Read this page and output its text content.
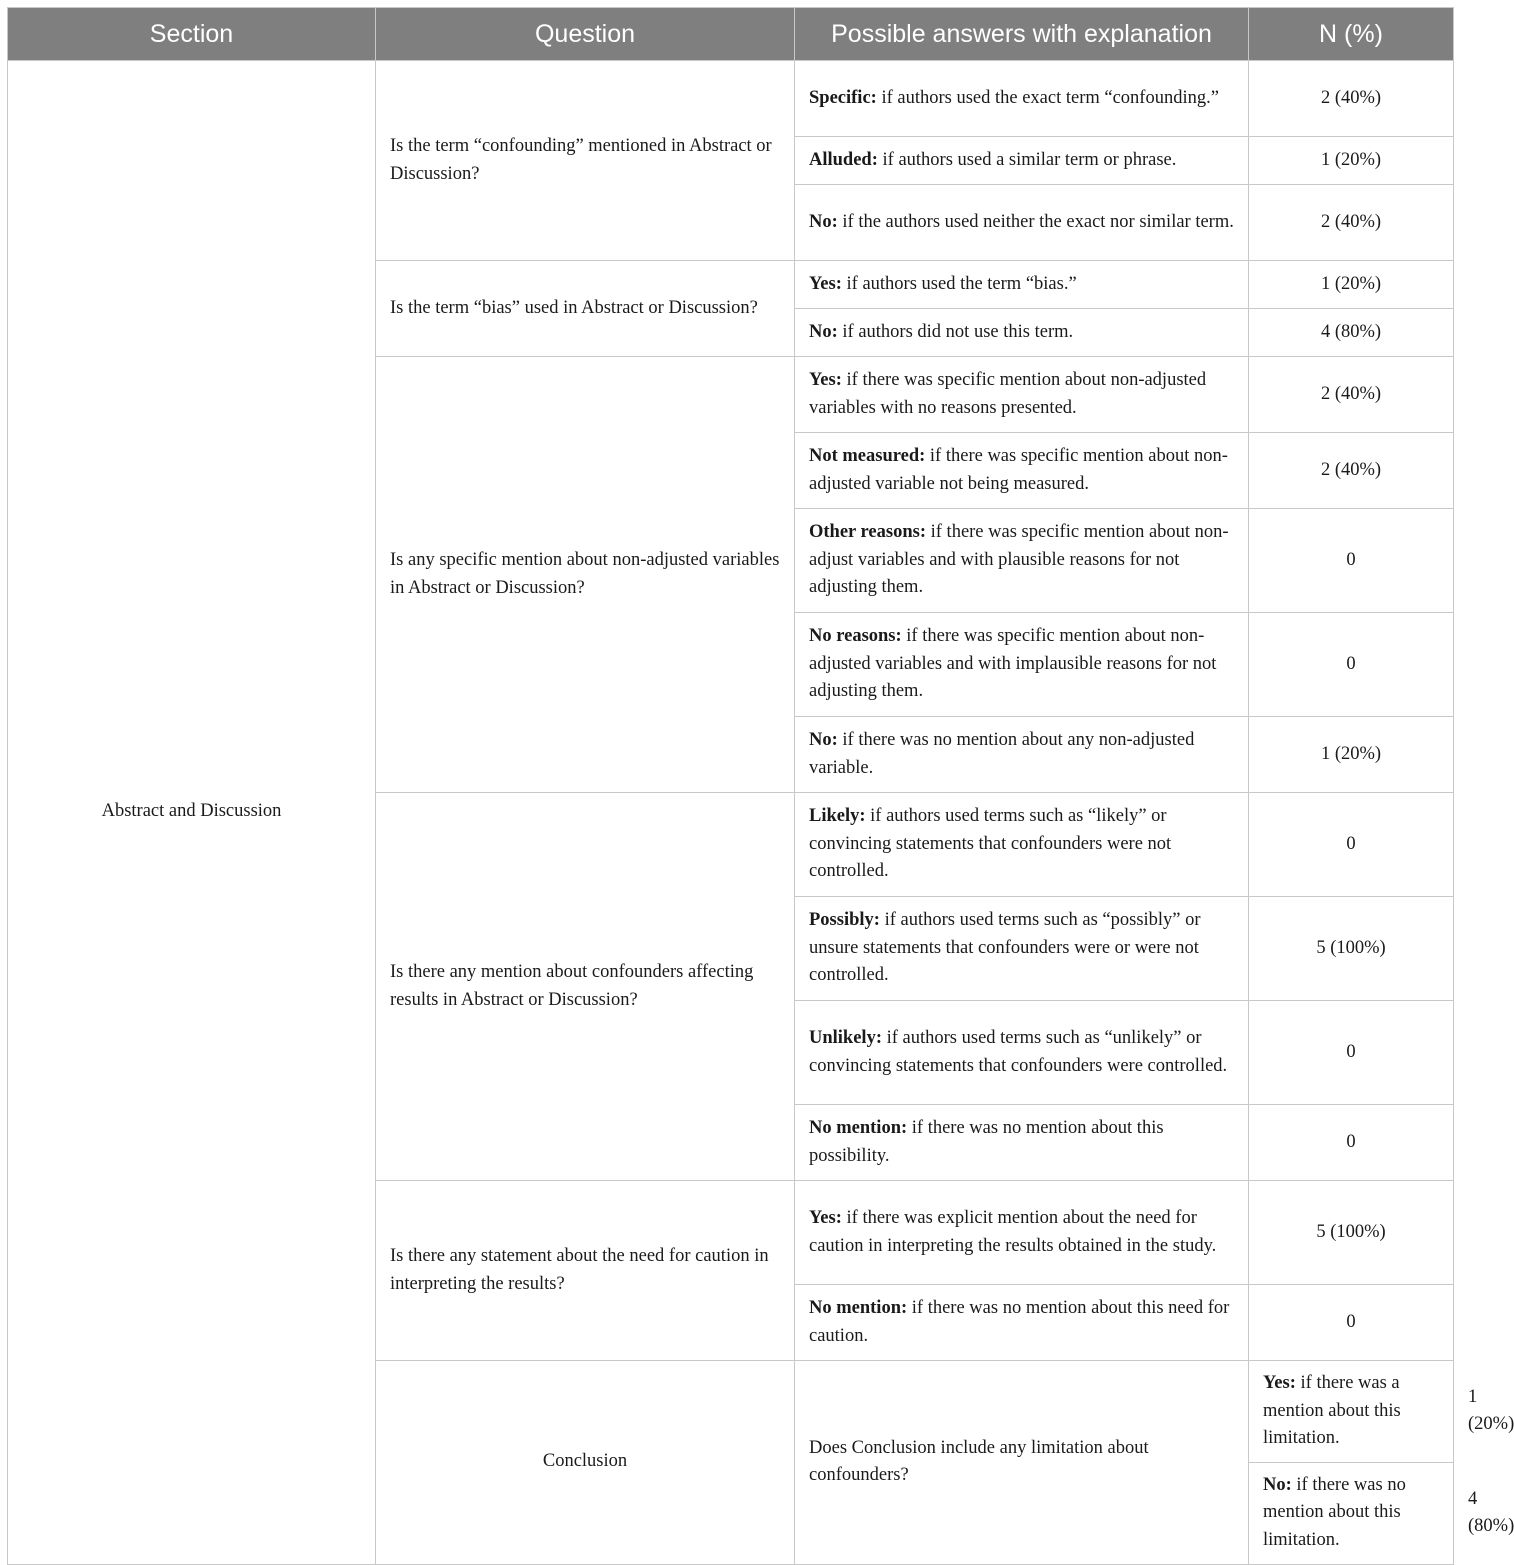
Section	Question	Possible answers with explanation	N (%)	
Abstract and Discussion	Is the term “confounding” mentioned in Abstract or Discussion?	Specific: if authors used the exact term “confounding.”	2 (40%)	
		Alluded: if authors used a similar term or phrase.	1 (20%)	
		No: if the authors used neither the exact nor similar term.	2 (40%)	
	Is the term “bias” used in Abstract or Discussion?	Yes: if authors used the term “bias.”	1 (20%)	
		No: if authors did not use this term.	4 (80%)	
	Is any specific mention about non-adjusted variables in Abstract or Discussion?	Yes: if there was specific mention about non-adjusted variables with no reasons presented.	2 (40%)	
		Not measured: if there was specific mention about non-adjusted variable not being measured.	2 (40%)	
		Other reasons: if there was specific mention about non-adjust variables and with plausible reasons for not adjusting them.	0	
		No reasons: if there was specific mention about non-adjusted variables and with implausible reasons for not adjusting them.	0	
		No: if there was no mention about any non-adjusted variable.	1 (20%)	
	Is there any mention about confounders affecting results in Abstract or Discussion?	Likely: if authors used terms such as “likely” or convincing statements that confounders were not controlled.	0	
		Possibly: if authors used terms such as “possibly” or unsure statements that confounders were or were not controlled.	5 (100%)	
		Unlikely: if authors used terms such as “unlikely” or convincing statements that confounders were controlled.	0	
		No mention: if there was no mention about this possibility.	0	
	Is there any statement about the need for caution in interpreting the results?	Yes: if there was explicit mention about the need for caution in interpreting the results obtained in the study.	5 (100%)	
		No mention: if there was no mention about this need for caution.	0	
	Conclusion	Does Conclusion include any limitation about confounders?	Yes: if there was a mention about this limitation.	1 (20%)
			No: if there was no mention about this limitation.	4 (80%)
